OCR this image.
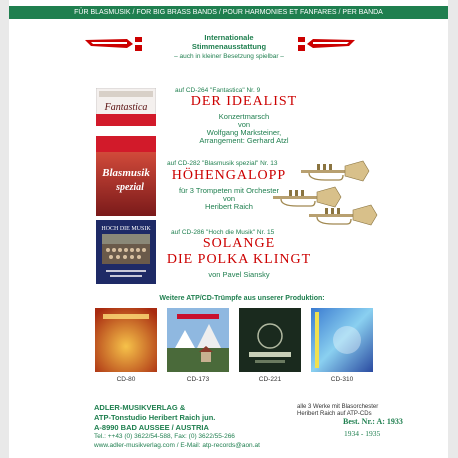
FÜR BLASMUSIK / FOR BIG BRASS BANDS / POUR HARMONIES ET FANFARES / PER BANDA
Internationale
Stimmenausstattung
– auch in kleiner Besetzung spielbar –
Fantastica
auf CD-264 "Fantastica" Nr. 9
DER IDEALIST
Konzertmarsch
von
Wolfgang Marksteiner,
Arrangement: Gerhard Atzl
Blasmusik
spezial
auf CD-282 "Blasmusik spezial" Nr. 13
HÖHENGALOPP
für 3 Trompeten mit Orchester
von
Heribert Raich
HOCH DIE MUSIK	auf CD-286 "Hoch die Musik" Nr. 15
SOLANGE
DIE POLKA KLINGT
von Pavel Siansky
Weitere ATP/CD-Trümpfe aus unserer Produktion:
CD-80	CD-173	CD-221	CD-310
ADLER-MUSIKVERLAG &
ATP-Tonstudio Heribert Raich jun.
A-8990 BAD AUSSEE / AUSTRIA
Tel.: ++43 (0) 3622/54-588, Fax: (0) 3622/55-266
www.adler-musikverlag.com / E-Mail: atp-records@aon.at
alle 3 Werke mit Blasorchester
Heribert Raich auf ATP-CDs
Best. Nr.: A: 1933
1934 - 1935
